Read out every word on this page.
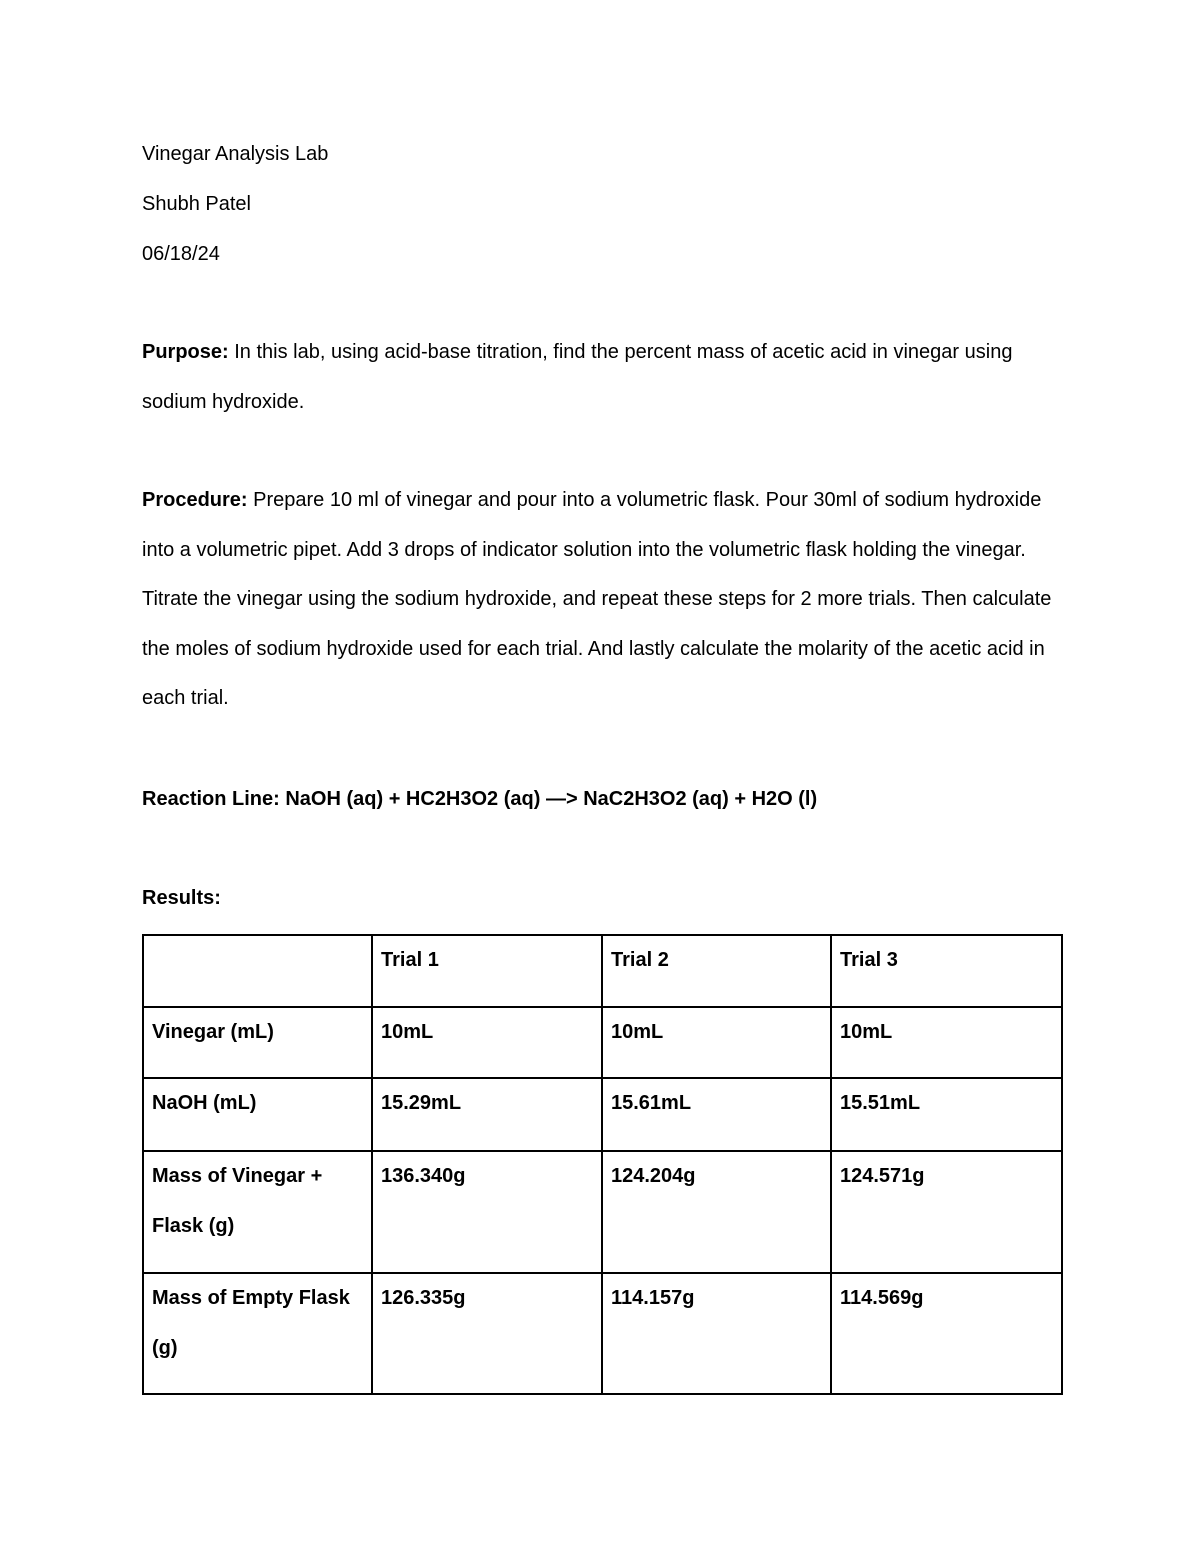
Vinegar Analysis Lab
Shubh Patel
06/18/24
Purpose: In this lab, using acid-base titration, find the percent mass of acetic acid in vinegar using sodium hydroxide.
Procedure: Prepare 10 ml of vinegar and pour into a volumetric flask. Pour 30ml of sodium hydroxide into a volumetric pipet. Add 3 drops of indicator solution into the volumetric flask holding the vinegar. Titrate the vinegar using the sodium hydroxide, and repeat these steps for 2 more trials. Then calculate the moles of sodium hydroxide used for each trial. And lastly calculate the molarity of the acetic acid in each trial.
Reaction Line: NaOH (aq) + HC2H3O2 (aq) —> NaC2H3O2 (aq) + H2O (l)
Results:

	Trial 1	Trial 2	Trial 3

Vinegar (mL)	10mL	10mL	10mL

NaOH (mL)	15.29mL	15.61mL	15.51mL

Mass of Vinegar + Flask (g)	136.340g	124.204g	124.571g

Mass of Empty Flask (g)	126.335g	114.157g	114.569g
